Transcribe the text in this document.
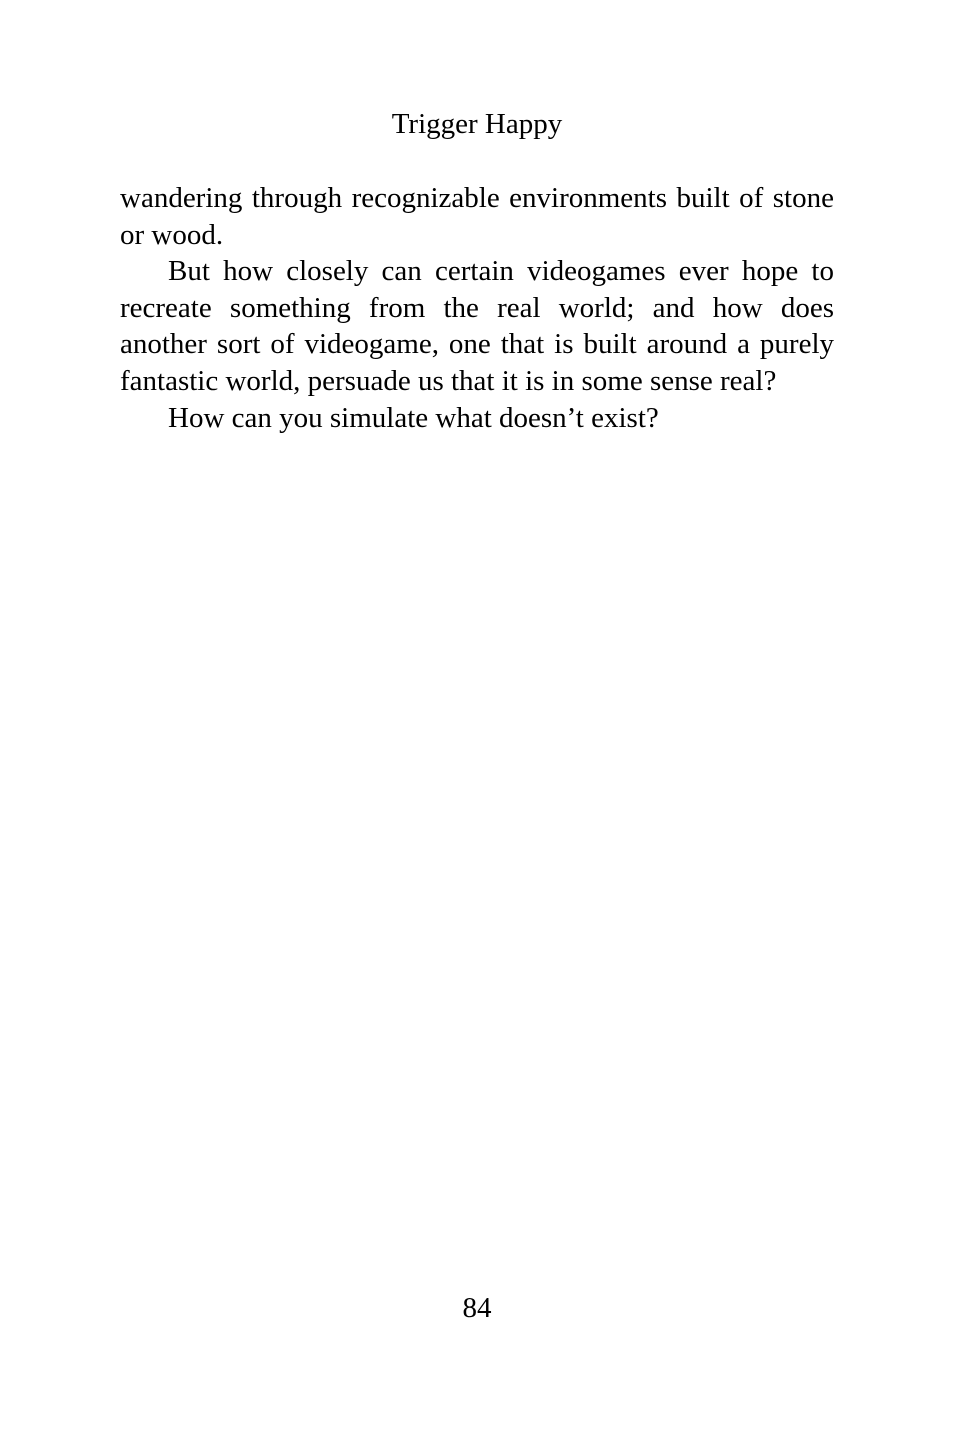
Trigger Happy

wandering through recognizable environments built of stone or wood.

But how closely can certain videogames ever hope to recreate something from the real world; and how does another sort of videogame, one that is built around a purely fantastic world, persuade us that it is in some sense real?

How can you simulate what doesn’t exist?

84
